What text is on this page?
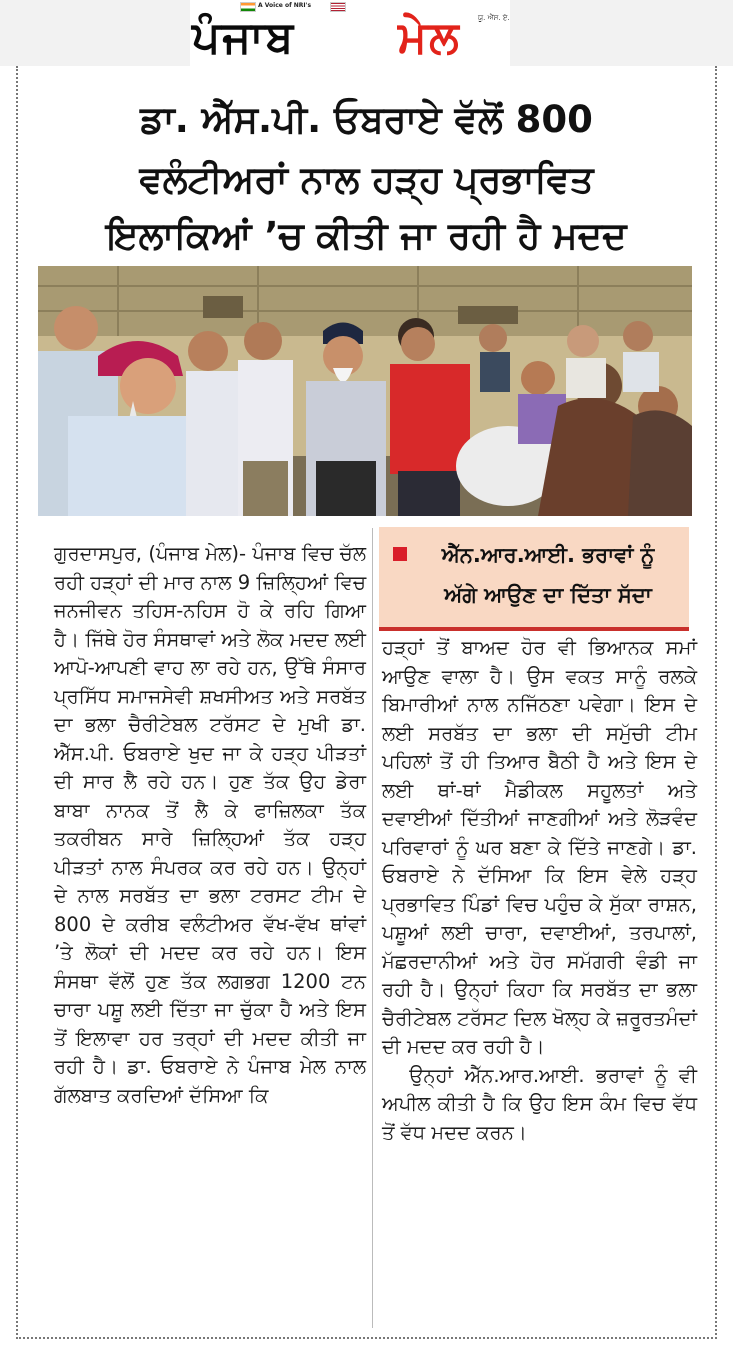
A Voice of NRI's
ਪੰਜਾਬ ਮੇਲ ਯੂ. ਐੱਸ. ਏ.
ਡਾ. ਐੱਸ.ਪੀ. ਓਬਰਾਏ ਵੱਲੋਂ 800
ਵਲੰਟੀਅਰਾਂ ਨਾਲ ਹੜ੍ਹ ਪ੍ਰਭਾਵਿਤ
ਇਲਾਕਿਆਂ ’ਚ ਕੀਤੀ ਜਾ ਰਹੀ ਹੈ ਮਦਦ

ਗੁਰਦਾਸਪੁਰ, (ਪੰਜਾਬ ਮੇਲ)- ਪੰਜਾਬ ਵਿਚ ਚੱਲ ਰਹੀ ਹੜ੍ਹਾਂ ਦੀ ਮਾਰ ਨਾਲ 9 ਜ਼ਿਲ੍ਹਿਆਂ ਵਿਚ ਜਨਜੀਵਨ ਤਹਿਸ-ਨਹਿਸ ਹੋ ਕੇ ਰਹਿ ਗਿਆ ਹੈ। ਜਿੱਥੇ ਹੋਰ ਸੰਸਥਾਵਾਂ ਅਤੇ ਲੋਕ ਮਦਦ ਲਈ ਆਪੋ-ਆਪਣੀ ਵਾਹ ਲਾ ਰਹੇ ਹਨ, ਉੱਥੇ ਸੰਸਾਰ ਪ੍ਰਸਿੱਧ ਸਮਾਜਸੇਵੀ ਸ਼ਖਸੀਅਤ ਅਤੇ ਸਰਬੱਤ ਦਾ ਭਲਾ ਚੈਰੀਟੇਬਲ ਟਰੱਸਟ ਦੇ ਮੁਖੀ ਡਾ. ਐੱਸ.ਪੀ. ਓਬਰਾਏ ਖੁਦ ਜਾ ਕੇ ਹੜ੍ਹ ਪੀੜਤਾਂ ਦੀ ਸਾਰ ਲੈ ਰਹੇ ਹਨ। ਹੁਣ ਤੱਕ ਉਹ ਡੇਰਾ ਬਾਬਾ ਨਾਨਕ ਤੋਂ ਲੈ ਕੇ ਫਾਜ਼ਿਲਕਾ ਤੱਕ ਤਕਰੀਬਨ ਸਾਰੇ ਜ਼ਿਲ੍ਹਿਆਂ ਤੱਕ ਹੜ੍ਹ ਪੀੜਤਾਂ ਨਾਲ ਸੰਪਰਕ ਕਰ ਰਹੇ ਹਨ। ਉਨ੍ਹਾਂ ਦੇ ਨਾਲ ਸਰਬੱਤ ਦਾ ਭਲਾ ਟਰਸਟ ਟੀਮ ਦੇ 800 ਦੇ ਕਰੀਬ ਵਲੰਟੀਅਰ ਵੱਖ-ਵੱਖ ਥਾਂਵਾਂ ’ਤੇ ਲੋਕਾਂ ਦੀ ਮਦਦ ਕਰ ਰਹੇ ਹਨ। ਇਸ ਸੰਸਥਾ ਵੱਲੋਂ ਹੁਣ ਤੱਕ ਲਗਭਗ 1200 ਟਨ ਚਾਰਾ ਪਸ਼ੂ ਲਈ ਦਿੱਤਾ ਜਾ ਚੁੱਕਾ ਹੈ ਅਤੇ ਇਸ ਤੋਂ ਇਲਾਵਾ ਹਰ ਤਰ੍ਹਾਂ ਦੀ ਮਦਦ ਕੀਤੀ ਜਾ ਰਹੀ ਹੈ। ਡਾ. ਓਬਰਾਏ ਨੇ ਪੰਜਾਬ ਮੇਲ ਨਾਲ ਗੱਲਬਾਤ ਕਰਦਿਆਂ ਦੱਸਿਆ ਕਿ

ਐੱਨ.ਆਰ.ਆਈ. ਭਰਾਵਾਂ ਨੂੰ
ਅੱਗੇ ਆਉਣ ਦਾ ਦਿੱਤਾ ਸੱਦਾ

ਹੜ੍ਹਾਂ ਤੋਂ ਬਾਅਦ ਹੋਰ ਵੀ ਭਿਆਨਕ ਸਮਾਂ ਆਉਣ ਵਾਲਾ ਹੈ। ਉਸ ਵਕਤ ਸਾਨੂੰ ਰਲਕੇ ਬਿਮਾਰੀਆਂ ਨਾਲ ਨਜਿੱਠਣਾ ਪਵੇਗਾ। ਇਸ ਦੇ ਲਈ ਸਰਬੱਤ ਦਾ ਭਲਾ ਦੀ ਸਮੁੱਚੀ ਟੀਮ ਪਹਿਲਾਂ ਤੋਂ ਹੀ ਤਿਆਰ ਬੈਠੀ ਹੈ ਅਤੇ ਇਸ ਦੇ ਲਈ ਥਾਂ-ਥਾਂ ਮੈਡੀਕਲ ਸਹੂਲਤਾਂ ਅਤੇ ਦਵਾਈਆਂ ਦਿੱਤੀਆਂ ਜਾਣਗੀਆਂ ਅਤੇ ਲੋੜਵੰਦ ਪਰਿਵਾਰਾਂ ਨੂੰ ਘਰ ਬਣਾ ਕੇ ਦਿੱਤੇ ਜਾਣਗੇ। ਡਾ. ਓਬਰਾਏ ਨੇ ਦੱਸਿਆ ਕਿ ਇਸ ਵੇਲੇ ਹੜ੍ਹ ਪ੍ਰਭਾਵਿਤ ਪਿੰਡਾਂ ਵਿਚ ਪਹੁੰਚ ਕੇ ਸੁੱਕਾ ਰਾਸ਼ਨ, ਪਸ਼ੂਆਂ ਲਈ ਚਾਰਾ, ਦਵਾਈਆਂ, ਤਰਪਾਲਾਂ, ਮੱਛਰਦਾਨੀਆਂ ਅਤੇ ਹੋਰ ਸਮੱਗਰੀ ਵੰਡੀ ਜਾ ਰਹੀ ਹੈ। ਉਨ੍ਹਾਂ ਕਿਹਾ ਕਿ ਸਰਬੱਤ ਦਾ ਭਲਾ ਚੈਰੀਟੇਬਲ ਟਰੱਸਟ ਦਿਲ ਖੋਲ੍ਹ ਕੇ ਜ਼ਰੂਰਤਮੰਦਾਂ ਦੀ ਮਦਦ ਕਰ ਰਹੀ ਹੈ।

ਉਨ੍ਹਾਂ ਐੱਨ.ਆਰ.ਆਈ. ਭਰਾਵਾਂ ਨੂੰ ਵੀ ਅਪੀਲ ਕੀਤੀ ਹੈ ਕਿ ਉਹ ਇਸ ਕੰਮ ਵਿਚ ਵੱਧ ਤੋਂ ਵੱਧ ਮਦਦ ਕਰਨ।
